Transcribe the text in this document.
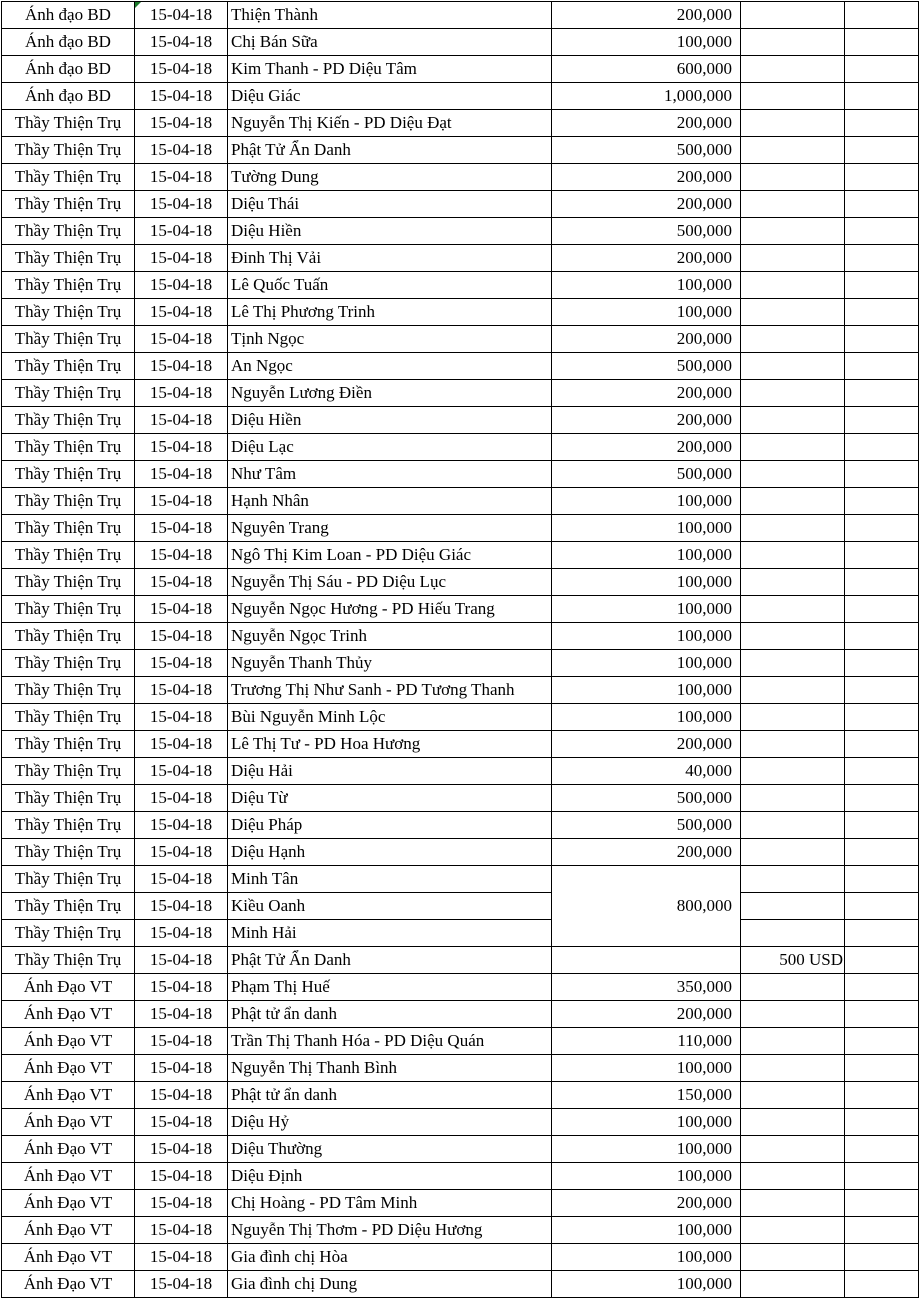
Ánh đạo BD	15-04-18	Thiện Thành	200,000		
Ánh đạo BD	15-04-18	Chị Bán Sữa	100,000		
Ánh đạo BD	15-04-18	Kim Thanh - PD Diệu Tâm	600,000		
Ánh đạo BD	15-04-18	Diệu Giác	1,000,000		
Thầy Thiện Trụ	15-04-18	Nguyễn Thị Kiến - PD Diệu Đạt	200,000		
Thầy Thiện Trụ	15-04-18	Phật Tử Ẩn Danh	500,000		
Thầy Thiện Trụ	15-04-18	Tường Dung	200,000		
Thầy Thiện Trụ	15-04-18	Diệu Thái	200,000		
Thầy Thiện Trụ	15-04-18	Diệu Hiền	500,000		
Thầy Thiện Trụ	15-04-18	Đinh Thị Vải	200,000		
Thầy Thiện Trụ	15-04-18	Lê Quốc Tuấn	100,000		
Thầy Thiện Trụ	15-04-18	Lê Thị Phương Trinh	100,000		
Thầy Thiện Trụ	15-04-18	Tịnh Ngọc	200,000		
Thầy Thiện Trụ	15-04-18	An Ngọc	500,000		
Thầy Thiện Trụ	15-04-18	Nguyễn Lương Điền	200,000		
Thầy Thiện Trụ	15-04-18	Diệu Hiền	200,000		
Thầy Thiện Trụ	15-04-18	Diệu Lạc	200,000		
Thầy Thiện Trụ	15-04-18	Như Tâm	500,000		
Thầy Thiện Trụ	15-04-18	Hạnh Nhân	100,000		
Thầy Thiện Trụ	15-04-18	Nguyên Trang	100,000		
Thầy Thiện Trụ	15-04-18	Ngô Thị Kim Loan - PD Diệu Giác	100,000		
Thầy Thiện Trụ	15-04-18	Nguyễn Thị Sáu - PD Diệu Lục	100,000		
Thầy Thiện Trụ	15-04-18	Nguyễn Ngọc Hương - PD Hiếu Trang	100,000		
Thầy Thiện Trụ	15-04-18	Nguyễn Ngọc Trinh	100,000		
Thầy Thiện Trụ	15-04-18	Nguyễn Thanh Thủy	100,000		
Thầy Thiện Trụ	15-04-18	Trương Thị Như Sanh - PD Tương Thanh	100,000		
Thầy Thiện Trụ	15-04-18	Bùi Nguyễn Minh Lộc	100,000		
Thầy Thiện Trụ	15-04-18	Lê Thị Tư - PD Hoa Hương	200,000		
Thầy Thiện Trụ	15-04-18	Diệu Hải	40,000		
Thầy Thiện Trụ	15-04-18	Diệu Từ	500,000		
Thầy Thiện Trụ	15-04-18	Diệu Pháp	500,000		
Thầy Thiện Trụ	15-04-18	Diệu Hạnh	200,000		
Thầy Thiện Trụ	15-04-18	Minh Tân	800,000		
Thầy Thiện Trụ	15-04-18	Kiều Oanh			
Thầy Thiện Trụ	15-04-18	Minh Hải			
Thầy Thiện Trụ	15-04-18	Phật Tử Ẩn Danh		500 USD	
Ánh Đạo VT	15-04-18	Phạm Thị Huế	350,000		
Ánh Đạo VT	15-04-18	Phật tử ẩn danh	200,000		
Ánh Đạo VT	15-04-18	Trần Thị Thanh Hóa - PD Diệu Quán	110,000		
Ánh Đạo VT	15-04-18	Nguyễn Thị Thanh Bình	100,000		
Ánh Đạo VT	15-04-18	Phật tử ẩn danh	150,000		
Ánh Đạo VT	15-04-18	Diệu Hỷ	100,000		
Ánh Đạo VT	15-04-18	Diệu Thường	100,000		
Ánh Đạo VT	15-04-18	Diệu Định	100,000		
Ánh Đạo VT	15-04-18	Chị Hoàng - PD Tâm Minh	200,000		
Ánh Đạo VT	15-04-18	Nguyễn Thị Thơm - PD Diệu Hương	100,000		
Ánh Đạo VT	15-04-18	Gia đình chị Hòa	100,000		
Ánh Đạo VT	15-04-18	Gia đình chị Dung	100,000		
